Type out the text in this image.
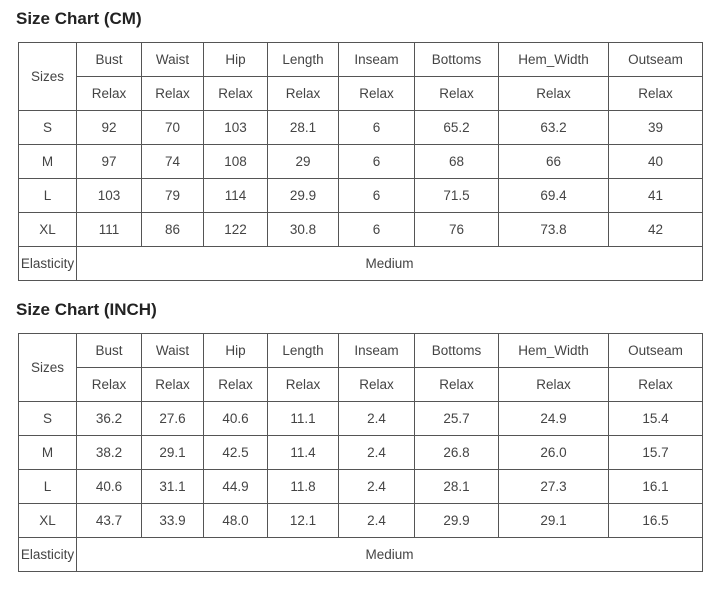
Size Chart (CM)
Sizes	Bust	Waist	Hip	Length	Inseam	Bottoms	Hem_Width	Outseam
	Relax	Relax	Relax	Relax	Relax	Relax	Relax	Relax
S	92	70	103	28.1	6	65.2	63.2	39
M	97	74	108	29	6	68	66	40
L	103	79	114	29.9	6	71.5	69.4	41
XL	111	86	122	30.8	6	76	73.8	42
Elasticity	Medium							
Size Chart (INCH)
Sizes	Bust	Waist	Hip	Length	Inseam	Bottoms	Hem_Width	Outseam
	Relax	Relax	Relax	Relax	Relax	Relax	Relax	Relax
S	36.2	27.6	40.6	11.1	2.4	25.7	24.9	15.4
M	38.2	29.1	42.5	11.4	2.4	26.8	26.0	15.7
L	40.6	31.1	44.9	11.8	2.4	28.1	27.3	16.1
XL	43.7	33.9	48.0	12.1	2.4	29.9	29.1	16.5
Elasticity	Medium							
